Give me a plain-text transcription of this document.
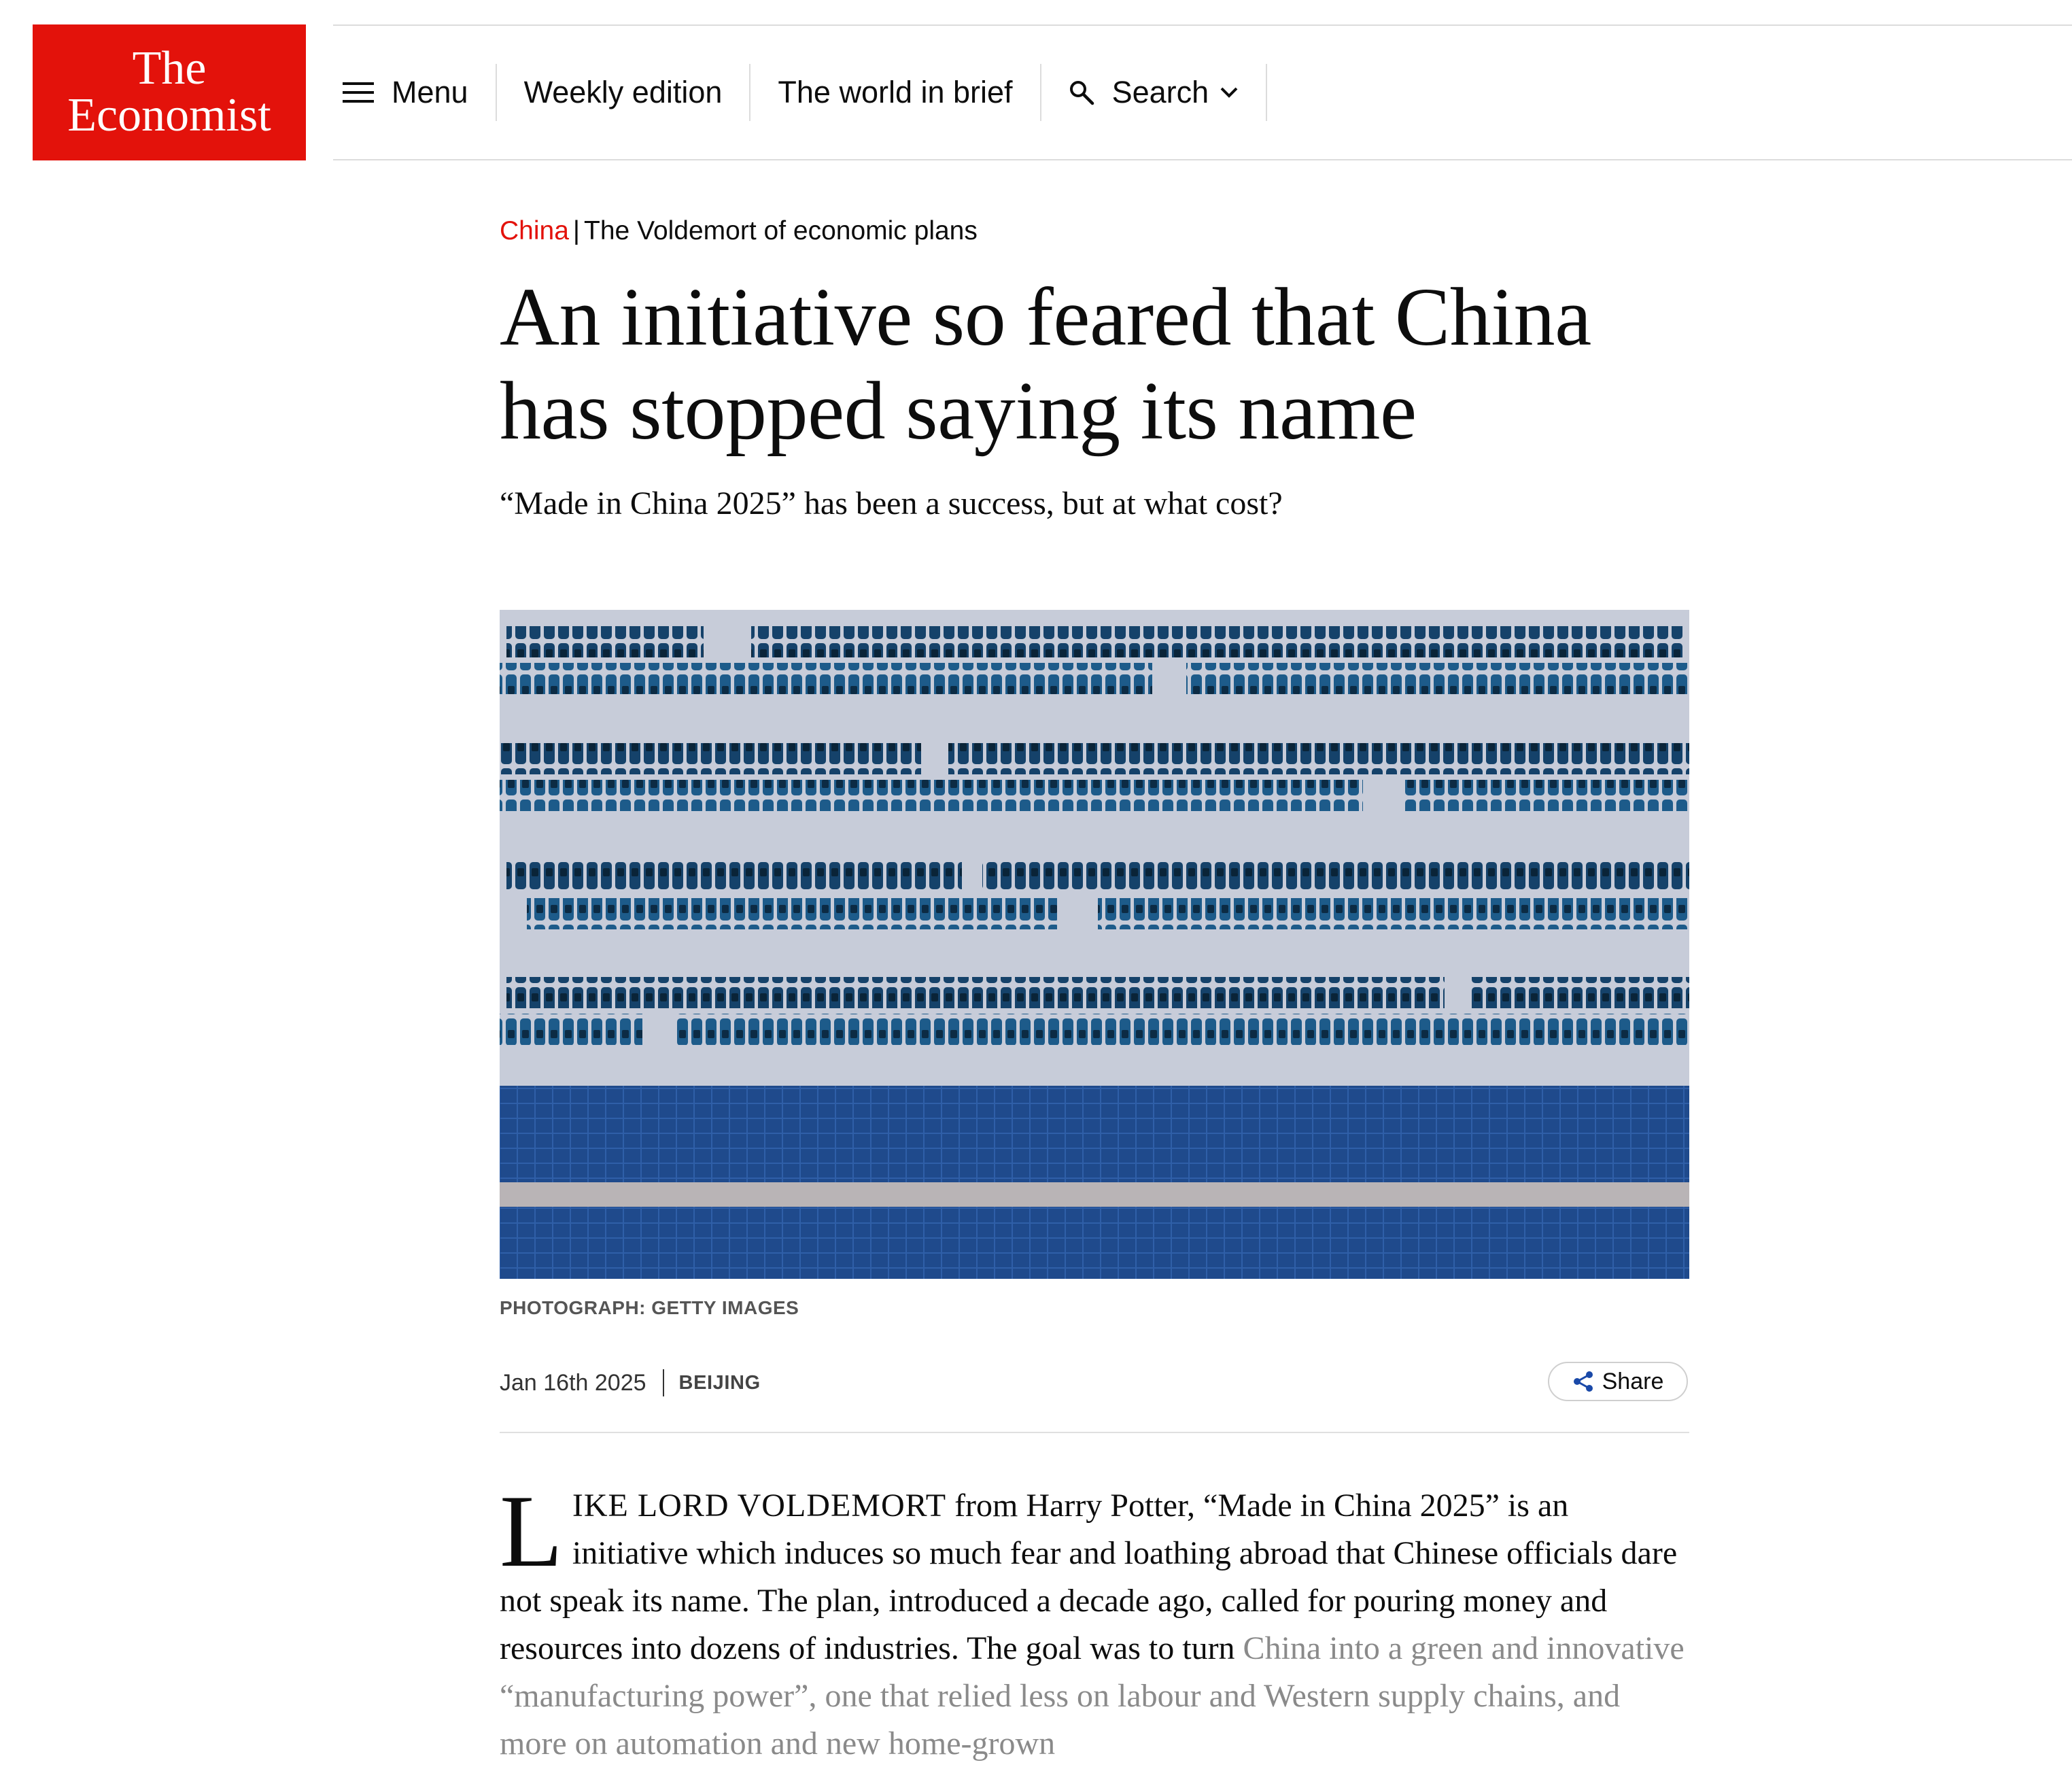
The
Economist	Menu Weekly edition The world in brief	Search
China | The Voldemort of economic plans
An initiative so feared that China has stopped saying its name
“Made in China 2025” has been a success, but at what cost?
PHOTOGRAPH: GETTY IMAGES
Jan 16th 2025 BEIJING	Share
LIKE LORD VOLDEMORT from Harry Potter, “Made in China 2025” is an initiative which induces so much fear and loathing abroad that Chinese officials dare not speak its name. The plan, introduced a decade ago, called for pouring money and resources into dozens of industries. The goal was to turn China into a green and innovative “manufacturing power”, one that relied less on labour and Western supply chains, and more on automation and new home-grown
